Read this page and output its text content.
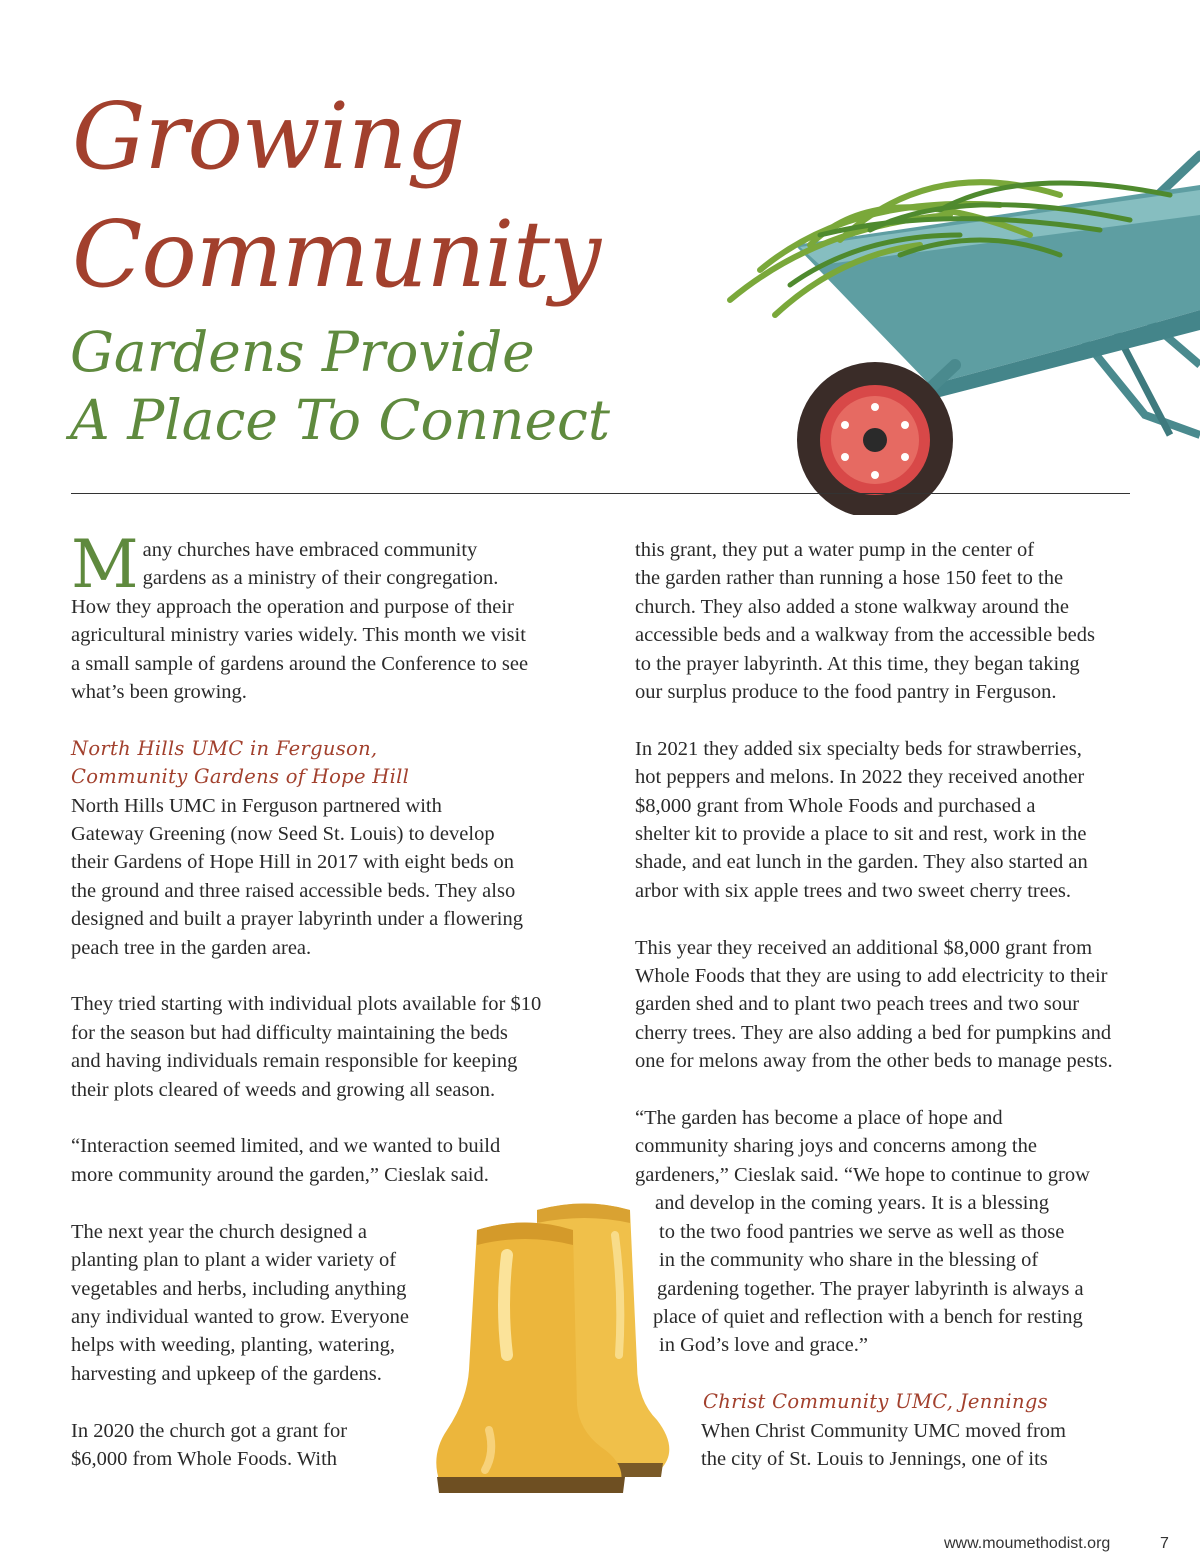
Growing
Community
Gardens Provide
A Place To Connect

M any churches have embraced community
gardens as a ministry of their congregation.
How they approach the operation and purpose of their
agricultural ministry varies widely. This month we visit
a small sample of gardens around the Conference to see
what’s been growing.

North Hills UMC in Ferguson,
Community Gardens of Hope Hill

North Hills UMC in Ferguson partnered with
Gateway Greening (now Seed St. Louis) to develop
their Gardens of Hope Hill in 2017 with eight beds on
the ground and three raised accessible beds. They also
designed and built a prayer labyrinth under a flowering
peach tree in the garden area.

They tried starting with individual plots available for $10
for the season but had difficulty maintaining the beds
and having individuals remain responsible for keeping
their plots cleared of weeds and growing all season.

“Interaction seemed limited, and we wanted to build
more community around the garden,” Cieslak said.

The next year the church designed a
planting plan to plant a wider variety of
vegetables and herbs, including anything
any individual wanted to grow. Everyone
helps with weeding, planting, watering,
harvesting and upkeep of the gardens.

In 2020 the church got a grant for
$6,000 from Whole Foods. With

this grant, they put a water pump in the center of
the garden rather than running a hose 150 feet to the
church. They also added a stone walkway around the
accessible beds and a walkway from the accessible beds
to the prayer labyrinth. At this time, they began taking
our surplus produce to the food pantry in Ferguson.

In 2021 they added six specialty beds for strawberries,
hot peppers and melons. In 2022 they received another
$8,000 grant from Whole Foods and purchased a
shelter kit to provide a place to sit and rest, work in the
shade, and eat lunch in the garden. They also started an
arbor with six apple trees and two sweet cherry trees.

This year they received an additional $8,000 grant from
Whole Foods that they are using to add electricity to their
garden shed and to plant two peach trees and two sour
cherry trees. They are also adding a bed for pumpkins and
one for melons away from the other beds to manage pests.

“The garden has become a place of hope and
community sharing joys and concerns among the
gardeners,” Cieslak said. “We hope to continue to grow
and develop in the coming years. It is a blessing
to the two food pantries we serve as well as those
in the community who share in the blessing of
gardening together. The prayer labyrinth is always a
place of quiet and reflection with a bench for resting
in God’s love and grace.”

Christ Community UMC, Jennings

When Christ Community UMC moved from
the city of St. Louis to Jennings, one of its

www.moumethodist.org	7
